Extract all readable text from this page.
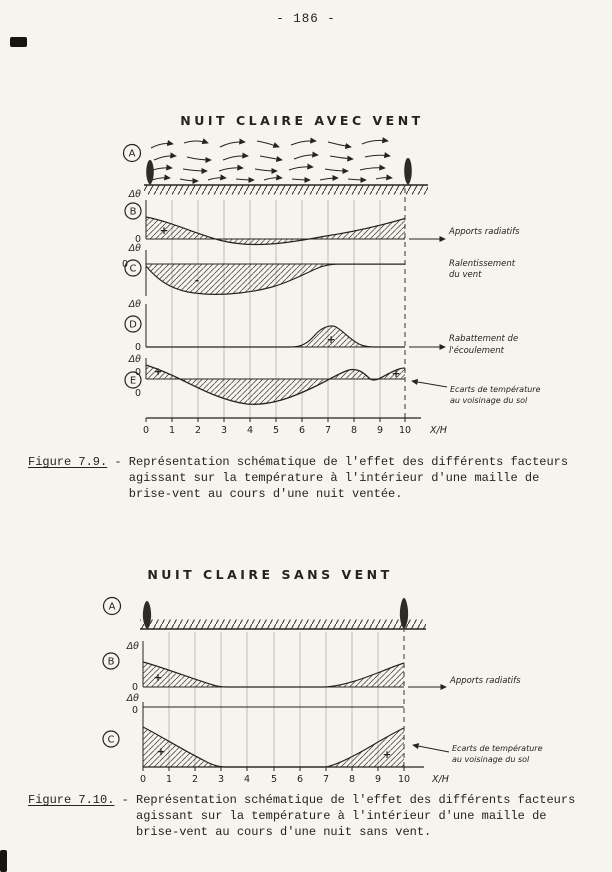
- 186 -
NUIT CLAIRE AVEC VENT
A
Δθ
B
0
+	Apports radiatifs
Δθ
C
0
-
Ralentissement
du vent
Δθ
D
0
+	Rabattement de
l'écoulement
Δθ
E
0
0
+	+
Ecarts de température
au voisinage du sol
0 1 2 3 4 5 6 7 8 9 10 X/H
Figure 7.9. - Représentation schématique de l'effet des différents facteurs
agissant sur la température à l'intérieur d'une maille de
brise-vent au cours d'une nuit ventée.
NUIT CLAIRE SANS VENT
A
Δθ
B
0
+	Apports radiatifs
Δθ
0
C
+	+
Ecarts de température
au voisinage du sol
0 1 2 3 4 5 6 7 8 9 10 X/H
Figure 7.10. - Représentation schématique de l'effet des différents facteurs
agissant sur la température à l'intérieur d'une maille de
brise-vent au cours d'une nuit sans vent.
